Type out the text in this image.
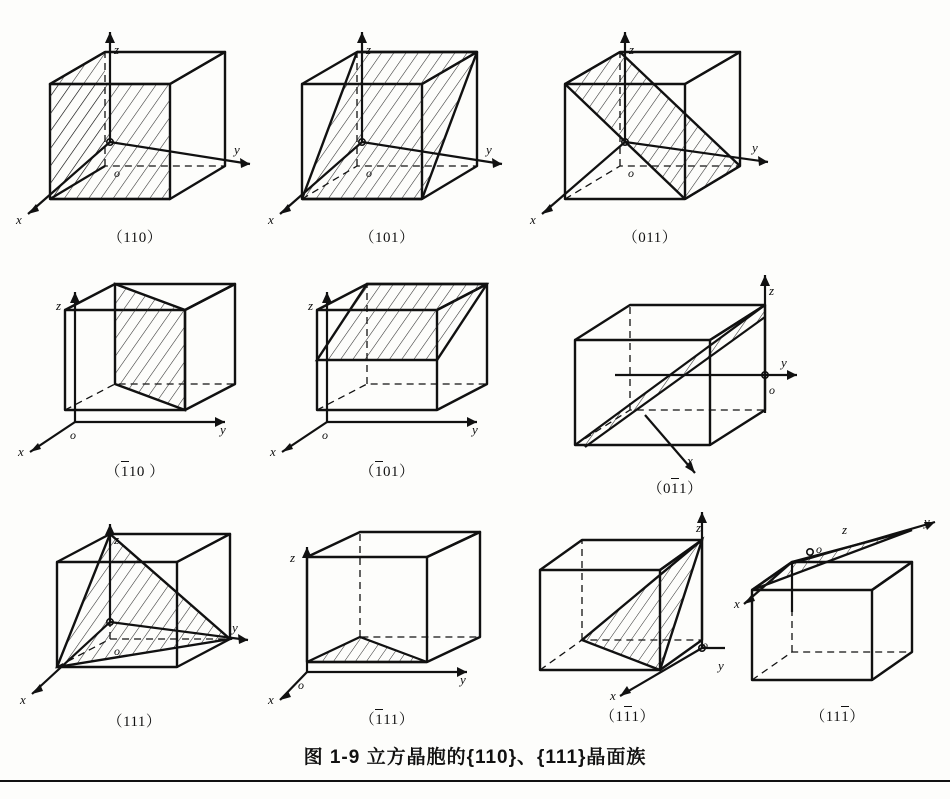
z
y
x
o
（110）
z
y
x
o
（101）
z
y
x
o
（011）
z
y
x
o
（1
10 ）
z
y
x
o
（1
01）
z
y
x
o
（01
1）
z
y
x
o
（111）
z
y
x
o
（1
11）
z
y
x
o
（11
1）
y
x
o
z
（111
）
图 1-9 立方晶胞的{110}、{111}晶面族
